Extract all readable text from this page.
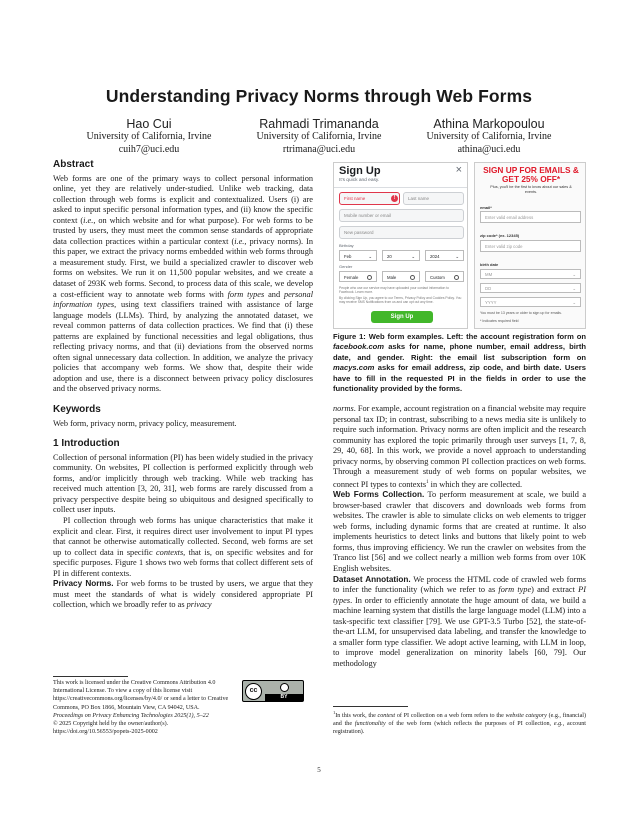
Understanding Privacy Norms through Web Forms
Hao Cui
University of California, Irvine
cuih7@uci.edu
Rahmadi Trimananda
University of California, Irvine
rtrimana@uci.edu
Athina Markopoulou
University of California, Irvine
athina@uci.edu
Abstract

Web forms are one of the primary ways to collect personal information online, yet they are relatively under-studied. Unlike web tracking, data collection through web forms is explicit and contextualized. Users (i) are asked to input specific personal information types, and (ii) know the specific context (i.e., on which website and for what purpose). For web forms to be trusted by users, they must meet the common sense standards of appropriate data collection practices within a particular context (i.e., privacy norms). In this paper, we extract the privacy norms embedded within web forms through a measurement study. First, we build a specialized crawler to discover web forms on websites. We run it on 11,500 popular websites, and we create a dataset of 293K web forms. Second, to process data of this scale, we develop a cost-efficient way to annotate web forms with form types and personal information types, using text classifiers trained with assistance of large language models (LLMs). Third, by analyzing the annotated dataset, we reveal common patterns of data collection practices. We find that (i) these patterns are explained by functional necessities and legal obligations, thus reflecting privacy norms, and that (ii) deviations from the observed norms often signal unnecessary data collection. In addition, we analyze the privacy policies that accompany web forms. We show that, despite their wide adoption and use, there is a disconnect between privacy policy disclosures and the observed privacy norms.

Keywords

Web form, privacy norm, privacy policy, measurement.

1 Introduction

Collection of personal information (PI) has been widely studied in the privacy community. On websites, PI collection is performed explicitly through web forms, and/or implicitly through web tracking. While web tracking has received much attention [3, 20, 31], web forms are rarely discussed from a privacy perspective despite being so ubiquitous and designed specifically to collect user inputs.

PI collection through web forms has unique characteristics that make it explicit and clear. First, it requires direct user involvement to input PI types that cannot be otherwise automatically collected. Second, web forms are set up to collect data in specific contexts, that is, on specific websites and for specific purposes. Figure 1 shows two web forms that collect different sets of PI in different contexts.

Privacy Norms. For web forms to be trusted by users, we argue that they must meet the standards of what is widely considered appropriate PI collection, which we broadly refer to as privacy

This work is licensed under the Creative Commons Attribution 4.0 International License. To view a copy of this license visit https://creativecommons.org/licenses/by/4.0/ or send a letter to Creative Commons, PO Box 1866, Mountain View, CA 94042, USA.
cc
BY
Proceedings on Privacy Enhancing Technologies 2025(1), 5–22
© 2025 Copyright held by the owner/author(s).
https://doi.org/10.56553/popets-2025-0002
Sign Up
It's quick and easy.
×
First name	!	Last name
Mobile number or email
New password
Birthday
Feb	⌄	20	⌄	2024	⌄
Gender
Female	Male	Custom
People who use our service may have uploaded your contact information to Facebook. Learn more.
By clicking Sign Up, you agree to our Terms, Privacy Policy and Cookies Policy. You may receive SMS Notifications from us and can opt out any time.
Sign Up
SIGN UP FOR EMAILS & GET 25% OFF*
Plus, you'll be the first to know about our sales & events.
email*
Enter valid email address
zip code* (ex. 12345)
Enter valid zip code
birth date
MM	⌄
DD	⌄
YYYY	⌄
You must be 13 years or older to sign up for emails.
* Indicates required field
Figure 1: Web form examples. Left: the account registration form on facebook.com asks for name, phone number, email address, birth date, and gender. Right: the email list subscription form on macys.com asks for email address, zip code, and birth date. Users have to fill in the requested PI in the fields in order to use the functionality provided by the forms.

norms. For example, account registration on a financial website may require personal tax ID; in contrast, subscribing to a news media site is unlikely to require such information. Privacy norms are often implicit and the research community has explored the topic primarily through user surveys [1, 7, 8, 29, 40, 68]. In this work, we provide a novel approach to understanding privacy norms, by observing common PI collection practices on web forms. Through a measurement study of web forms on popular websites, we connect PI types to contexts$^1$ in which they are collected.

Web Forms Collection. To perform measurement at scale, we build a browser-based crawler that discovers and downloads web forms from websites. The crawler is able to simulate clicks on web elements to trigger web forms, including dynamic forms that are created at runtime. It also implements heuristics to detect links and buttons that likely point to web forms, thus improving efficiency. We run the crawler on websites from the Tranco list [56] and we collect nearly a million web forms from over 10K English websites.

Dataset Annotation. We process the HTML code of crawled web forms to infer the functionality (which we refer to as form type) and extract PI types. In order to efficiently annotate the huge amount of data, we build a machine learning system that distills the large language model (LLM) into a task-specific text classifier [79]. We use GPT-3.5 Turbo [52], the state-of-the-art LLM, for unsupervised data labeling, and transfer the knowledge to a smaller form type classifier. We adopt active learning, with LLM in loop, to improve model generalization on minority labels [60, 79]. Our methodology

$^1$In this work, the context of PI collection on a web form refers to the website category (e.g., financial) and the functionality of the web form (which reflects the purposes of PI collection, e.g., account registration).
5
